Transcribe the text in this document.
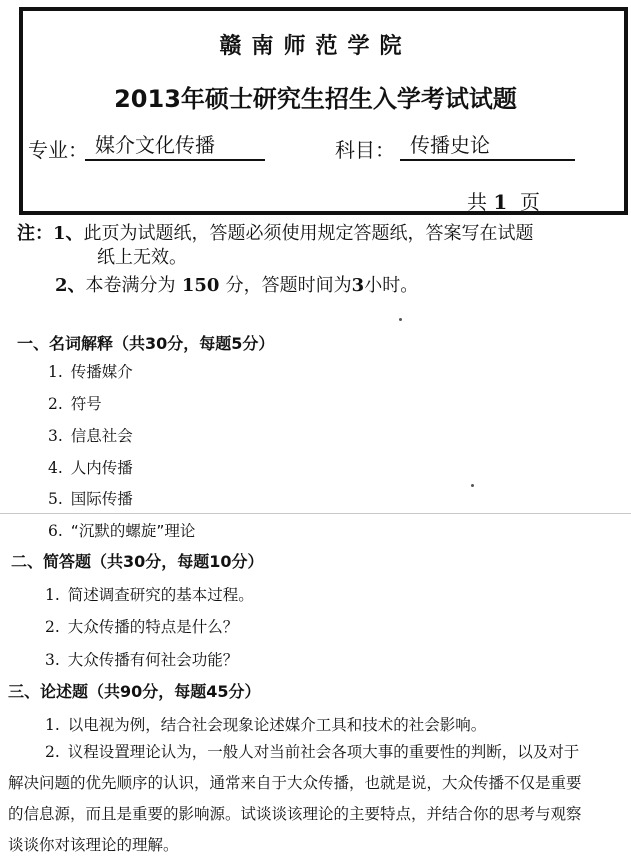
赣南师范学院
2013年硕士研究生招生入学考试试题
专业： 媒介文化传播	科目： 传播史论
共 1 页
注：1、此页为试题纸，答题必须使用规定答题纸，答案写在试题
纸上无效。
2、本卷满分为 150 分，答题时间为3小时。
一、名词解释（共30分，每题5分）
1. 传播媒介
2. 符号
3. 信息社会
4. 人内传播
5. 国际传播
6. “沉默的螺旋”理论
二、简答题（共30分，每题10分）
1. 简述调查研究的基本过程。
2. 大众传播的特点是什么？
3. 大众传播有何社会功能？
三、论述题（共90分，每题45分）
1. 以电视为例，结合社会现象论述媒介工具和技术的社会影响。
2. 议程设置理论认为，一般人对当前社会各项大事的重要性的判断，以及对于解决问题的优先顺序的认识，通常来自于大众传播，也就是说，大众传播不仅是重要的信息源，而且是重要的影响源。试谈谈该理论的主要特点，并结合你的思考与观察谈谈你对该理论的理解。
